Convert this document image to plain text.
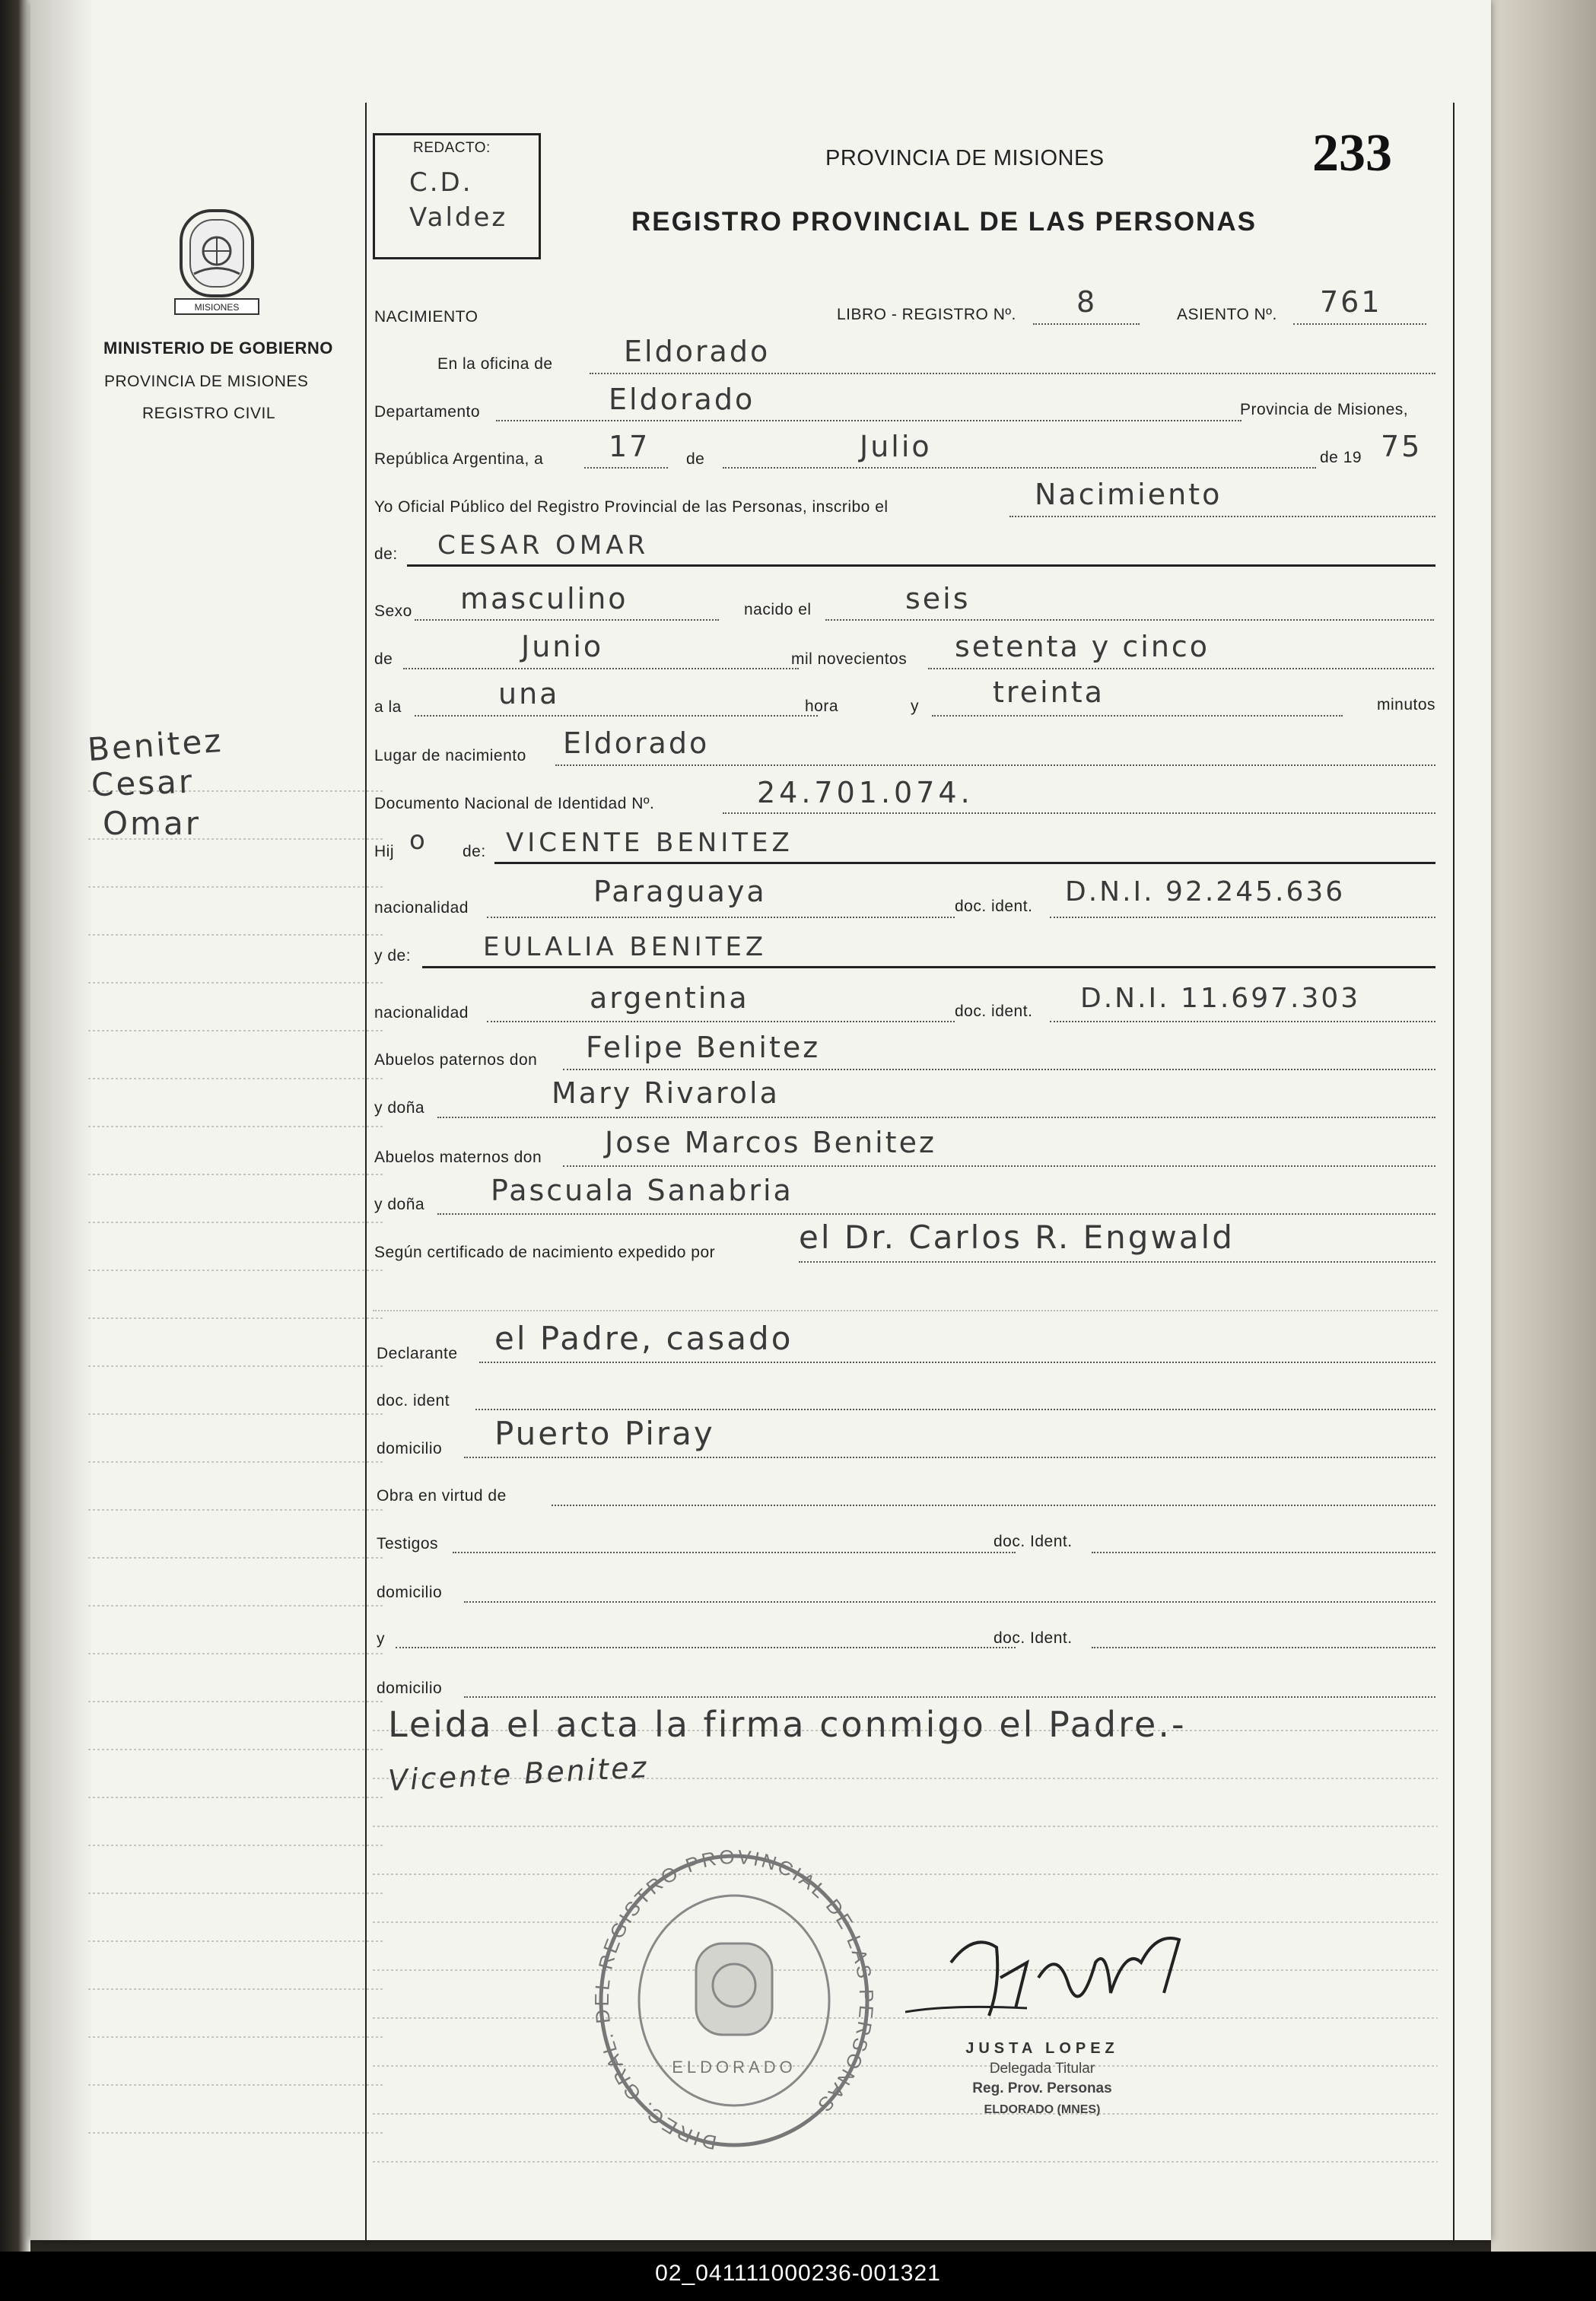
MISIONES
MINISTERIO DE GOBIERNO
PROVINCIA DE MISIONES
REGISTRO CIVIL
Benitez
Cesar
Omar
REDACTO:
C.D.
Valdez
PROVINCIA DE MISIONES	233
REGISTRO PROVINCIAL DE LAS PERSONAS
NACIMIENTO	LIBRO - REGISTRO Nº. 8	ASIENTO Nº. 761
En la oficina de Eldorado
Departamento	Eldorado	Provincia de Misiones,
República Argentina, a 17 de	Julio	de 19 75
Yo Oficial Público del Registro Provincial de las Personas, inscribo el	Nacimiento
de: CESAR OMAR
Sexo masculino	nacido el	seis
de	Junio	mil novecientos setenta y cinco
a la	una	hora	y	treinta	minutos
Lugar de nacimiento Eldorado
Documento Nacional de Identidad Nº.	24.701.074.
Hij o de: VICENTE BENITEZ
nacionalidad	Paraguaya	doc. ident. D.N.I. 92.245.636
y de:	EULALIA BENITEZ
nacionalidad	argentina	doc. ident. D.N.I. 11.697.303
Abuelos paternos don Felipe Benitez
y doña	Mary Rivarola
Abuelos maternos don Jose Marcos Benitez
y doña Pascuala Sanabria
Según certificado de nacimiento expedido por	el Dr. Carlos R. Engwald
Declarante el Padre, casado
doc. ident
domicilio Puerto Piray
Obra en virtud de
Testigos	doc. Ident.
domicilio
y	doc. Ident.
domicilio
Leida el acta la firma conmigo el Padre.-
Vicente Benitez
DIREC. GRAL. DEL REGISTRO PROVINCIAL DE LAS PERSONAS
ELDORADO
JUSTA LOPEZ
Delegada Titular
Reg. Prov. Personas
ELDORADO (MNES)
02_041111000236-001321
